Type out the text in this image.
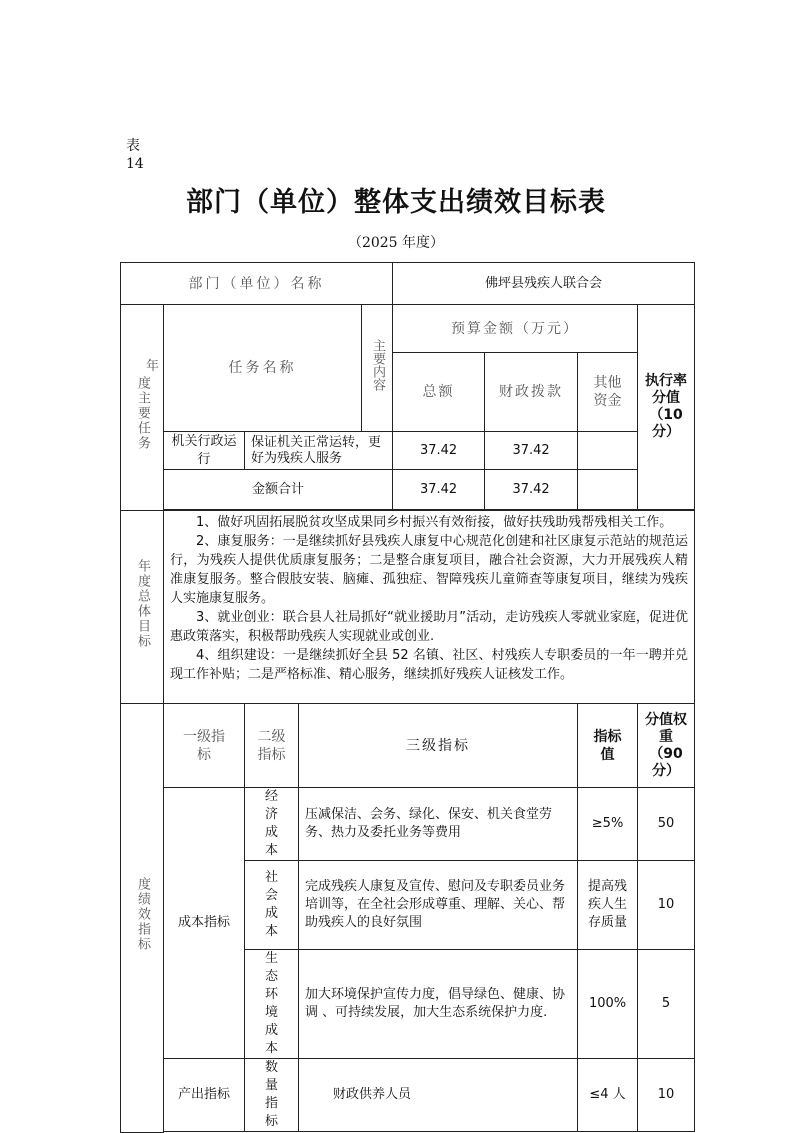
表
14
部门（单位）整体支出绩效目标表
（2025 年度）
部门（单位）名称					佛坪县残疾人联合会			

年
度主要任务	任务名称			主要内容	预算金额（万元）			执行率分值（10分）
					总额	财政拨款	其他资金	
	机关行政运行	保证机关正常运转，更好为残疾人服务			37.42	37.42		
	金额合计				37.42	37.42		

年度总体目标	1、做好巩固拓展脱贫攻坚成果同乡村振兴有效衔接，做好扶残助残帮残相关工作。

2、康复服务：一是继续抓好县残疾人康复中心规范化创建和社区康复示范站的规范运行，为残疾人提供优质康复服务；二是整合康复项目，融合社会资源，大力开展残疾人精准康复服务。整合假肢安装、脑瘫、孤独症、智障残疾儿童筛查等康复项目，继续为残疾人实施康复服务。

3、就业创业：联合县人社局抓好“就业援助月”活动，走访残疾人零就业家庭，促进优惠政策落实，积极帮助残疾人实现就业或创业.

4、组织建设：一是继续抓好全县 52 名镇、社区、村残疾人专职委员的一年一聘并兑现工作补贴；二是严格标准、精心服务，继续抓好残疾人证核发工作。							

度绩效指标	一级指标	二级指标	三级指标				指标值	分值权重（90分）
	成本指标	经济成本	压减保洁、会务、绿化、保安、机关食堂劳务、热力及委托业务等费用				≥5%	50
		社会成本	完成残疾人康复及宣传、慰问及专职委员业务培训等，在全社会形成尊重、理解、关心、帮助残疾人的良好氛围				提高残疾人生存质量	10
		生态环境成本	加大环境保护宣传力度，倡导绿色、健康、协调 、可持续发展，加大生态系统保护力度.				100%	5
	产出指标	数量指标	财政供养人员				≤4 人	10
